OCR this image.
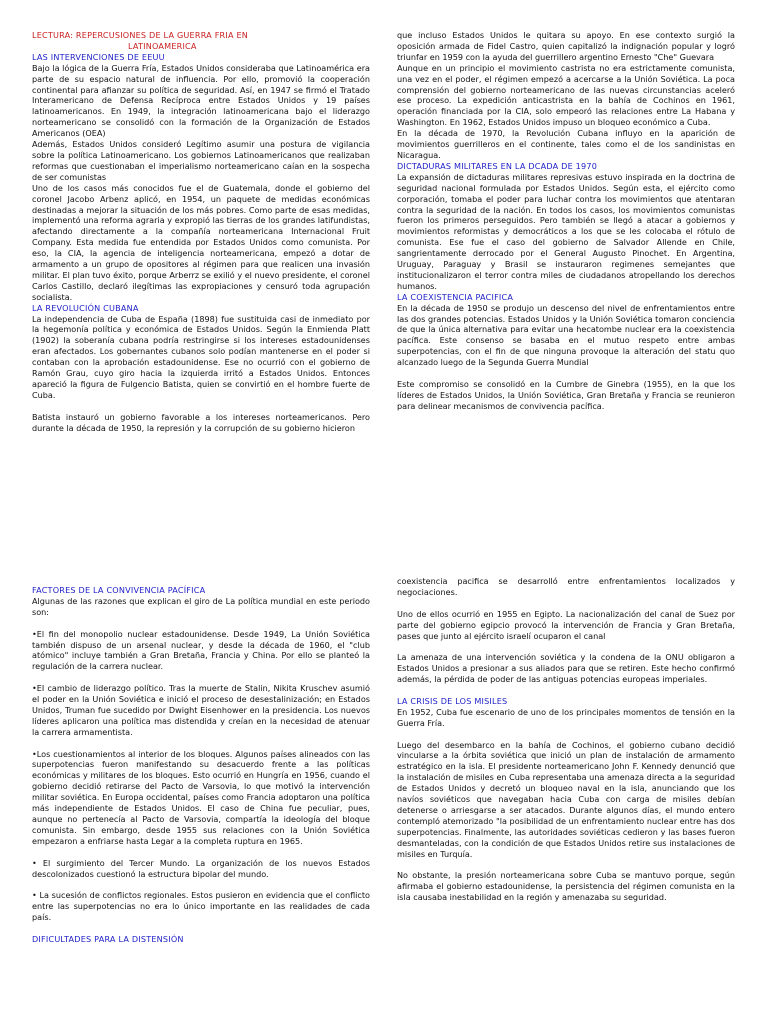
LECTURA: REPERCUSIONES DE LA GUERRA FRIA EN

LATINOAMERICA

LAS INTERVENCIONES DE EEUU

Bajo la lógica de la Guerra Fría, Estados Unidos consideraba que Latinoamérica era parte de su espacio natural de influencia. Por ello, promovió la cooperación continental para afianzar su política de seguridad. Así, en 1947 se firmó el Tratado Interamericano de Defensa Recíproca entre Estados Unidos y 19 países latinoamericanos. En 1949, la integración latinoamericana bajo el liderazgo norteamericano se consolidó con la formación de la Organización de Estados Americanos (OEA)

Además, Estados Unidos consideró Legítimo asumir una postura de vigilancia sobre la política Latinoamericano. Los gobiernos Latinoamericanos que realizaban reformas que cuestionaban el imperialismo norteamericano caían en la sospecha de ser comunistas

Uno de los casos más conocidos fue el de Guatemala, donde el gobierno del coronel Jacobo Arbenz aplicó, en 1954, un paquete de medidas económicas destinadas a mejorar la situación de los más pobres. Como parte de esas medidas, implementó una reforma agraria y expropió las tierras de los grandes latifundistas, afectando directamente a la compañía norteamericana Internacional Fruit Company. Esta medida fue entendida por Estados Unidos como comunista. Por eso, la CIA, la agencia de inteligencia norteamericana, empezó a dotar de armamento a un grupo de opositores al régimen para que realicen una invasión militar. El plan tuvo éxito, porque Arberrz se exilió y el nuevo presidente, el coronel Carlos Castillo, declaró ilegítimas las expropiaciones y censuró toda agrupación socialista.

LA REVOLUCIÓN CUBANA

La independencia de Cuba de España (1898) fue sustituida casi de inmediato por la hegemonía política y económica de Estados Unidos. Según la Enmienda Platt (1902) la soberanía cubana podría restringirse si los intereses estadounidenses eran afectados. Los gobernantes cubanos solo podían mantenerse en el poder si contaban con la aprobación estadounidense. Ese no ocurrió con el gobierno de Ramón Grau, cuyo giro hacia la izquierda irritó a Estados Unidos. Entonces apareció la figura de Fulgencio Batista, quien se convirtió en el hombre fuerte de Cuba.

Batista instauró un gobierno favorable a los intereses norteamericanos. Pero durante la década de 1950, la represión y la corrupción de su gobierno hicieron

que incluso Estados Unidos le quitara su apoyo. En ese contexto surgió la oposición armada de Fidel Castro, quien capitalizó la indignación popular y logró triunfar en 1959 con la ayuda del guerrillero argentino Ernesto "Che" Guevara

Aunque en un principio el movimiento castrista no era estrictamente comunista, una vez en el poder, el régimen empezó a acercarse a la Unión Soviética. La poca comprensión del gobierno norteamericano de las nuevas circunstancias aceleró ese proceso. La expedición anticastrista en la bahía de Cochinos en 1961, operación financiada por la CIA, solo empeoró las relaciones entre La Habana y Washington. En 1962, Estados Unidos impuso un bloqueo económico a Cuba.

En la década de 1970, la Revolución Cubana influyo en la aparición de movimientos guerrilleros en el continente, tales como el de los sandinistas en Nicaragua.

DICTADURAS MILITARES EN LA DCADA DE 1970

La expansión de dictaduras militares represivas estuvo inspirada en la doctrina de seguridad nacional formulada por Estados Unidos. Según esta, el ejército como corporación, tomaba el poder para luchar contra los movimientos que atentaran contra la seguridad de la nación. En todos los casos, los movimientos comunistas fueron los primeros perseguidos. Pero también se llegó a atacar a gobiernos y movimientos reformistas y democráticos a los que se les colocaba el rótulo de comunista. Ese fue el caso del gobierno de Salvador Allende en Chile, sangrientamente derrocado por el General Augusto Pinochet. En Argentina, Uruguay, Paraguay y Brasil se instauraron regimenes semejantes que institucionalizaron el terror contra miles de ciudadanos atropellando los derechos humanos.

LA COEXISTENCIA PACIFICA

En la década de 1950 se produjo un descenso del nivel de enfrentamientos entre las dos grandes potencias. Estados Unidos y la Unión Soviética tomaron conciencia de que la única alternativa para evitar una hecatombe nuclear era la coexistencia pacífica. Este consenso se basaba en el mutuo respeto entre ambas superpotencias, con el fin de que ninguna provoque la alteración del statu quo alcanzado luego de la Segunda Guerra Mundial

Este compromiso se consolidó en la Cumbre de Ginebra (1955), en la que los líderes de Estados Unidos, la Unión Soviética, Gran Bretaña y Francia se reunieron para delinear mecanismos de convivencia pacífica.

FACTORES DE LA CONVIVENCIA PACÍFICA

Algunas de las razones que explican el giro de La política mundial en este periodo son:

•El fin del monopolio nuclear estadounidense. Desde 1949, La Unión Soviética también dispuso de un arsenal nuclear, y desde la década de 1960, el "club atómico" incluye también a Gran Bretaña, Francia y China. Por ello se planteó la regulación de la carrera nuclear.

•EI cambio de liderazgo político. Tras la muerte de Stalin, Nikita Kruschev asumió el poder en la Unión Soviética e inició el proceso de desestalinización; en Estados Unidos, Truman fue sucedido por Dwight Eisenhower en la presidencia. Los nuevos líderes aplicaron una política mas distendida y creían en la necesidad de atenuar la carrera armamentista.

•Los cuestionamientos al interior de los bloques. Algunos países alineados con las superpotencias fueron manifestando su desacuerdo frente a las políticas económicas y militares de los bloques. Esto ocurrió en Hungría en 1956, cuando el gobierno decidió retirarse del Pacto de Varsovia, lo que motivó la intervención militar soviética. En Europa occidental, países como Francia adoptaron una política más independiente de Estados Unidos. El caso de China fue peculiar, pues, aunque no pertenecía al Pacto de Varsovia, compartía la ideología del bloque comunista. Sin embargo, desde 1955 sus relaciones con la Unión Soviética empezaron a enfriarse hasta Legar a la completa ruptura en 1965.

• El surgimiento del Tercer Mundo. La organización de los nuevos Estados descolonizados cuestionó la estructura bipolar del mundo.

• La sucesión de conflictos regionales. Estos pusieron en evidencia que el conflicto entre las superpotencias no era lo único importante en las realidades de cada país.

DIFICULTADES PARA LA DISTENSIÓN

coexistencia pacifica se desarrolló entre enfrentamientos localizados y negociaciones.

Uno de ellos ocurrió en 1955 en Egipto. La nacionalización del canal de Suez por parte del gobierno egipcio provocó la intervención de Francia y Gran Bretaña, pases que junto al ejército israelí ocuparon el canal

La amenaza de una intervención soviética y la condena de la ONU obligaron a Estados Unidos a presionar a sus aliados para que se retiren. Este hecho confirmó además, la pérdida de poder de las antiguas potencias europeas imperiales.

LA CRISIS DE LOS MISILES

En 1952, Cuba fue escenario de uno de los principales momentos de tensión en la Guerra Fría.

Luego del desembarco en la bahía de Cochinos, el gobierno cubano decidió vincularse a la órbita soviética que inició un plan de instalación de armamento estratégico en la isla. El presidente norteamericano John F. Kennedy denunció que la instalación de misiles en Cuba representaba una amenaza directa a la seguridad de Estados Unidos y decretó un bloqueo naval en la isla, anunciando que los navíos soviéticos que navegaban hacia Cuba con carga de misiles debían detenerse o arriesgarse a ser atacados. Durante algunos días, el mundo entero contempló atemorizado "la posibilidad de un enfrentamiento nuclear entre has dos superpotencias. Finalmente, las autoridades soviéticas cedieron y las bases fueron desmanteladas, con la condición de que Estados Unidos retire sus instalaciones de misiles en Turquía.

No obstante, la presión norteamericana sobre Cuba se mantuvo porque, según afirmaba el gobierno estadounidense, la persistencia del régimen comunista en la isla causaba inestabilidad en la región y amenazaba su seguridad.
